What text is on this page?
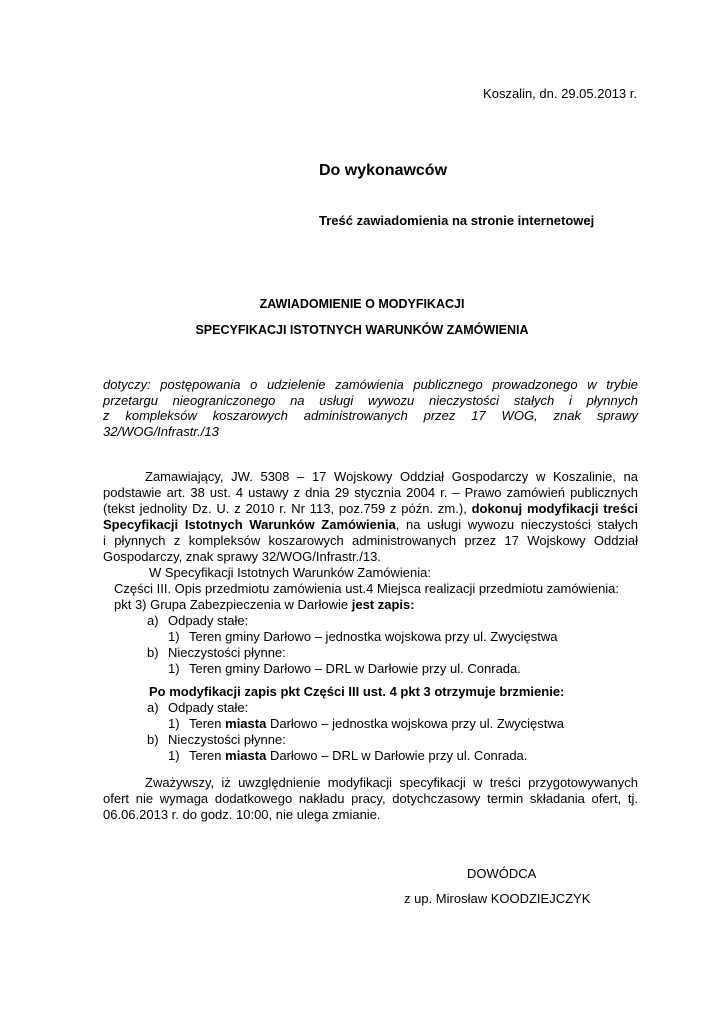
Koszalin, dn. 29.05.2013 r.
Do wykonawców
Treść zawiadomienia na stronie internetowej
ZAWIADOMIENIE O MODYFIKACJI
SPECYFIKACJI ISTOTNYCH WARUNKÓW ZAMÓWIENIA
dotyczy: postępowania o udzielenie zamówienia publicznego prowadzonego w trybie
przetargu nieograniczonego na usługi wywozu nieczystości stałych i płynnych
z kompleksów koszarowych administrowanych przez 17 WOG, znak sprawy
32/WOG/Infrastr./13
Zamawiający, JW. 5308 – 17 Wojskowy Oddział Gospodarczy w Koszalinie, na
podstawie art. 38 ust. 4 ustawy z dnia 29 stycznia 2004 r. – Prawo zamówień publicznych
(tekst jednolity Dz. U. z 2010 r. Nr 113, poz.759 z późn. zm.), dokonuj modyfikacji treści
Specyfikacji Istotnych Warunków Zamówienia, na usługi wywozu nieczystości stałych
i płynnych z kompleksów koszarowych administrowanych przez 17 Wojskowy Oddział
Gospodarczy, znak sprawy 32/WOG/Infrastr./13.
W Specyfikacji Istotnych Warunków Zamówienia:
Części III. Opis przedmiotu zamówienia ust.4 Miejsca realizacji przedmiotu zamówienia:
pkt 3) Grupa Zabezpieczenia w Darłowie jest zapis:
a) Odpady stałe:
1) Teren gminy Darłowo – jednostka wojskowa przy ul. Zwycięstwa
b) Nieczystości płynne:
1) Teren gminy Darłowo – DRL w Darłowie przy ul. Conrada.
Po modyfikacji zapis pkt Części III ust. 4 pkt 3 otrzymuje brzmienie:
a) Odpady stałe:
1) Teren miasta Darłowo – jednostka wojskowa przy ul. Zwycięstwa
b) Nieczystości płynne:
1) Teren miasta Darłowo – DRL w Darłowie przy ul. Conrada.
Zważywszy, iż uwzględnienie modyfikacji specyfikacji w treści przygotowywanych
ofert nie wymaga dodatkowego nakładu pracy, dotychczasowy termin składania ofert, tj.
06.06.2013 r. do godz. 10:00, nie ulega zmianie.
DOWÓDCA
z up. Mirosław KOODZIEJCZYK
